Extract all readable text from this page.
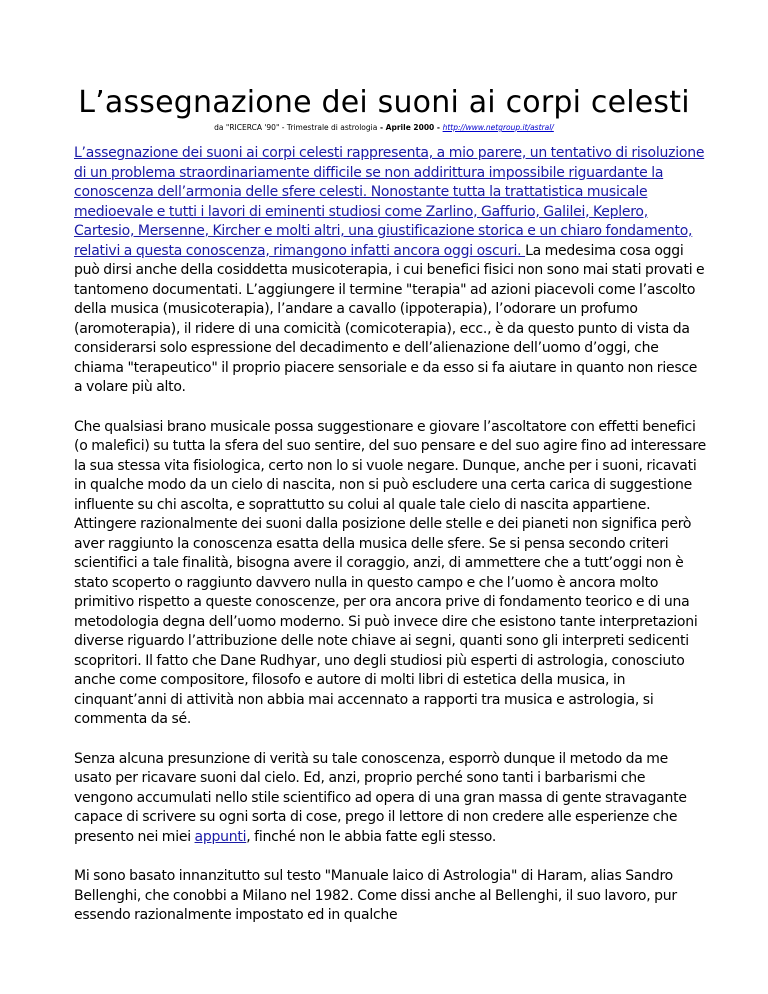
L’assegnazione dei suoni ai corpi celesti
da "RICERCA '90" - Trimestrale di astrologia - Aprile 2000 - http://www.netgroup.it/astral/

L’assegnazione dei suoni ai corpi celesti rappresenta, a mio parere, un tentativo di risoluzione di un problema straordinariamente difficile se non addirittura impossibile riguardante la conoscenza dell’armonia delle sfere celesti. Nonostante tutta la trattatistica musicale medioevale e tutti i lavori di eminenti studiosi come Zarlino, Gaffurio, Galilei, Keplero, Cartesio, Mersenne, Kircher e molti altri, una giustificazione storica e un chiaro fondamento, relativi a questa conoscenza, rimangono infatti ancora oggi oscuri. La medesima cosa oggi può dirsi anche della cosiddetta musicoterapia, i cui benefici fisici non sono mai stati provati e tantomeno documentati. L’aggiungere il termine "terapia" ad azioni piacevoli come l’ascolto della musica (musicoterapia), l’andare a cavallo (ippoterapia), l’odorare un profumo (aromoterapia), il ridere di una comicità (comicoterapia), ecc., è da questo punto di vista da considerarsi solo espressione del decadimento e dell’alienazione dell’uomo d’oggi, che chiama "terapeutico" il proprio piacere sensoriale e da esso si fa aiutare in quanto non riesce a volare più alto.

Che qualsiasi brano musicale possa suggestionare e giovare l’ascoltatore con effetti benefici (o malefici) su tutta la sfera del suo sentire, del suo pensare e del suo agire fino ad interessare la sua stessa vita fisiologica, certo non lo si vuole negare. Dunque, anche per i suoni, ricavati in qualche modo da un cielo di nascita, non si può escludere una certa carica di suggestione influente su chi ascolta, e soprattutto su colui al quale tale cielo di nascita appartiene. Attingere razionalmente dei suoni dalla posizione delle stelle e dei pianeti non significa però aver raggiunto la conoscenza esatta della musica delle sfere. Se si pensa secondo criteri scientifici a tale finalità, bisogna avere il coraggio, anzi, di ammettere che a tutt’oggi non è stato scoperto o raggiunto davvero nulla in questo campo e che l’uomo è ancora molto primitivo rispetto a queste conoscenze, per ora ancora prive di fondamento teorico e di una metodologia degna dell’uomo moderno. Si può invece dire che esistono tante interpretazioni diverse riguardo l’attribuzione delle note chiave ai segni, quanti sono gli interpreti sedicenti scopritori. Il fatto che Dane Rudhyar, uno degli studiosi più esperti di astrologia, conosciuto anche come compositore, filosofo e autore di molti libri di estetica della musica, in cinquant’anni di attività non abbia mai accennato a rapporti tra musica e astrologia, si commenta da sé.

Senza alcuna presunzione di verità su tale conoscenza, esporrò dunque il metodo da me usato per ricavare suoni dal cielo. Ed, anzi, proprio perché sono tanti i barbarismi che vengono accumulati nello stile scientifico ad opera di una gran massa di gente stravagante capace di scrivere su ogni sorta di cose, prego il lettore di non credere alle esperienze che presento nei miei appunti, finché non le abbia fatte egli stesso.

Mi sono basato innanzitutto sul testo "Manuale laico di Astrologia" di Haram, alias Sandro Bellenghi, che conobbi a Milano nel 1982. Come dissi anche al Bellenghi, il suo lavoro, pur essendo razionalmente impostato ed in qualche
